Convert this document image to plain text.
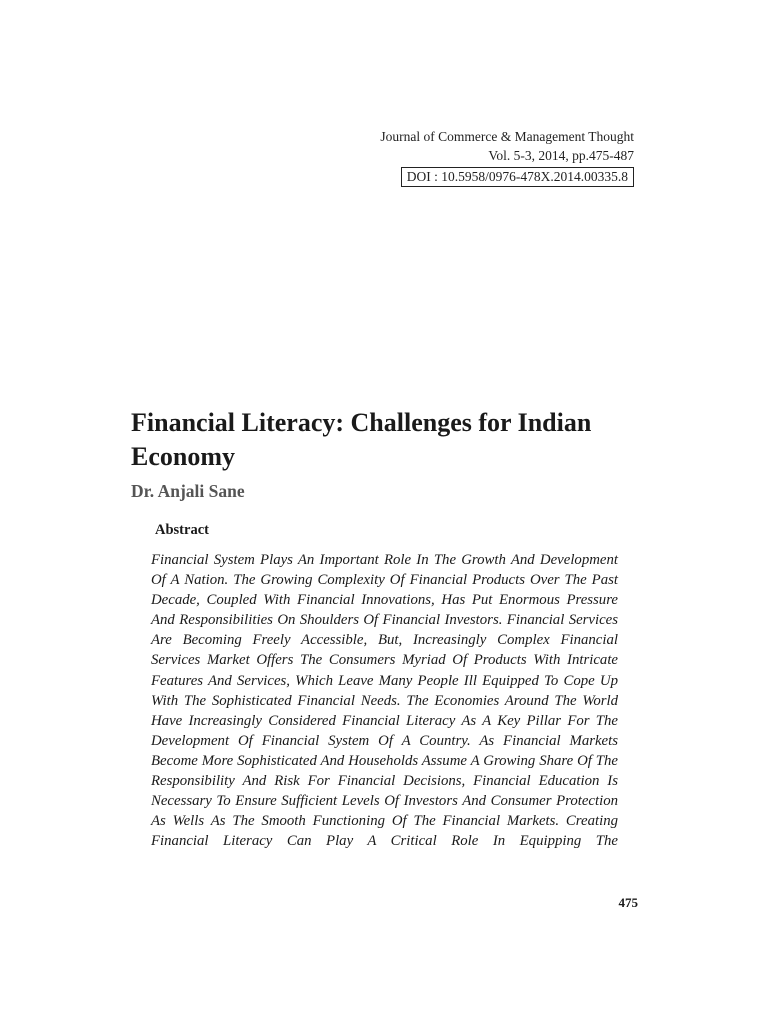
Journal of Commerce & Management Thought
Vol. 5-3, 2014, pp.475-487
DOI : 10.5958/0976-478X.2014.00335.8
Financial Literacy: Challenges for Indian Economy
Dr. Anjali Sane
Abstract

Financial System Plays An Important Role In The Growth And Development Of A Nation. The Growing Complexity Of Financial Products Over The Past Decade, Coupled With Financial Innovations, Has Put Enormous Pressure And Responsibilities On Shoulders Of Financial Investors. Financial Services Are Becoming Freely Accessible, But, Increasingly Complex Financial Services Market Offers The Consumers Myriad Of Products With Intricate Features And Services, Which Leave Many People Ill Equipped To Cope Up With The Sophisticated Financial Needs. The Economies Around The World Have Increasingly Considered Financial Literacy As A Key Pillar For The Development Of Financial System Of A Country. As Financial Markets Become More Sophisticated And Households Assume A Growing Share Of The Responsibility And Risk For Financial Decisions, Financial Education Is Necessary To Ensure Sufficient Levels Of Investors And Consumer Protection As Wells As The Smooth Functioning Of The Financial Markets. Creating Financial Literacy Can Play A Critical Role In Equipping The

475
